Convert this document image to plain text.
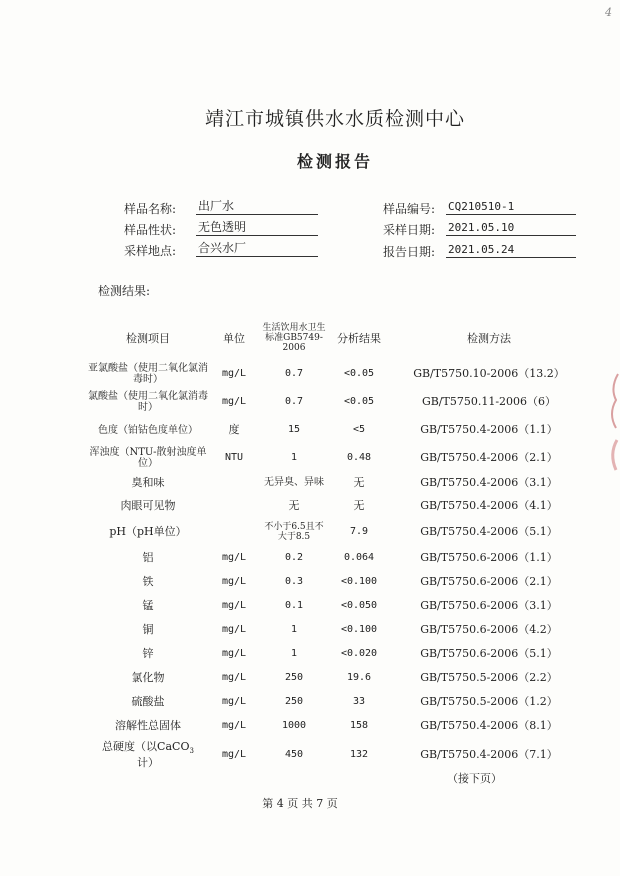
4
靖江市城镇供水水质检测中心
检测报告
样品名称: 出厂水
样品性状: 无色透明
采样地点: 合兴水厂
样品编号: CQ210510-1
采样日期: 2021.05.10
报告日期: 2021.05.24
检测结果:
检测项目	单位	生活饮用水卫生标准GB5749-2006	分析结果	检测方法
亚氯酸盐（使用二氧化氯消毒时）	mg/L	0.7	<0.05	GB/T5750.10-2006（13.2）
氯酸盐（使用二氧化氯消毒时）	mg/L	0.7	<0.05	GB/T5750.11-2006（6）
色度（铂钴色度单位）	度	15	<5	GB/T5750.4-2006（1.1）
浑浊度（NTU-散射浊度单位）	NTU	1	0.48	GB/T5750.4-2006（2.1）
臭和味		无异臭、异味	无	GB/T5750.4-2006（3.1）
肉眼可见物		无	无	GB/T5750.4-2006（4.1）
pH（pH单位）		不小于6.5且不大于8.5	7.9	GB/T5750.4-2006（5.1）
铝	mg/L	0.2	0.064	GB/T5750.6-2006（1.1）
铁	mg/L	0.3	<0.100	GB/T5750.6-2006（2.1）
锰	mg/L	0.1	<0.050	GB/T5750.6-2006（3.1）
铜	mg/L	1	<0.100	GB/T5750.6-2006（4.2）
锌	mg/L	1	<0.020	GB/T5750.6-2006（5.1）
氯化物	mg/L	250	19.6	GB/T5750.5-2006（2.2）
硫酸盐	mg/L	250	33	GB/T5750.5-2006（1.2）
溶解性总固体	mg/L	1000	158	GB/T5750.4-2006（8.1）
总硬度（以CaCO$_3$
计）	mg/L	450	132	GB/T5750.4-2006（7.1）
（接下页）
第 4 页 共 7 页
